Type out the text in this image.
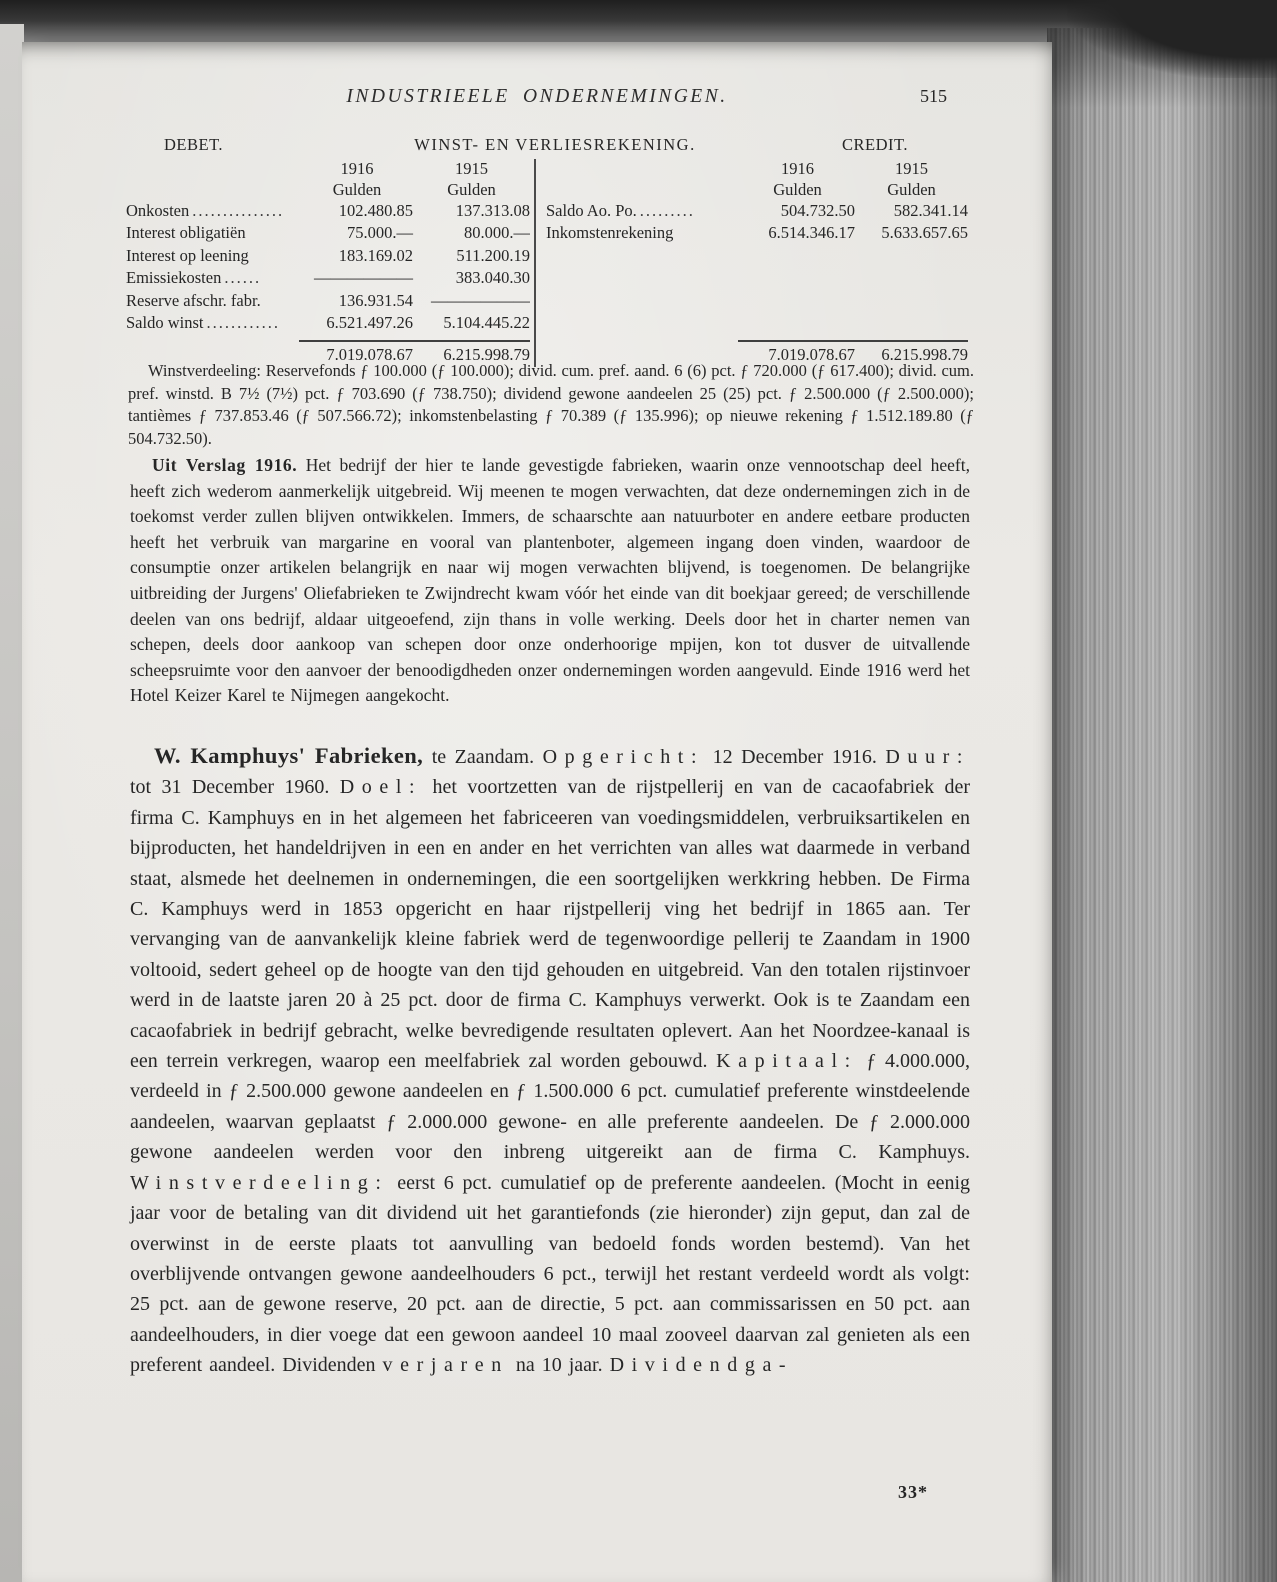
INDUSTRIEELE ONDERNEMINGEN.	515
DEBET.	WINST- EN VERLIESREKENING.	CREDIT.
1916	1915
Gulden	Gulden
Onkosten ...............	102.480.85	137.313.08
Interest obligatiën	75.000.—	80.000.—
Interest op leening	183.169.02	511.200.19
Emissiekosten ......	——————	383.040.30
Reserve afschr. fabr.	136.931.54	——————
Saldo winst ............	6.521.497.26	5.104.445.22
7.019.078.67	6.215.998.79
1916	1915
Gulden	Gulden
Saldo Ao. Po. .........	504.732.50	582.341.14
Inkomstenrekening	6.514.346.17	5.633.657.65
7.019.078.67	6.215.998.79

Winstverdeeling: Reservefonds ƒ 100.000 (ƒ 100.000); divid. cum. pref. aand. 6 (6) pct. ƒ 720.000 (ƒ 617.400); divid. cum. pref. winstd. B 7½ (7½) pct. ƒ 703.690 (ƒ 738.750); dividend gewone aandeelen 25 (25) pct. ƒ 2.500.000 (ƒ 2.500.000); tantièmes ƒ 737.853.46 (ƒ 507.566.72); inkomstenbelasting ƒ 70.389 (ƒ 135.996); op nieuwe rekening ƒ 1.512.189.80 (ƒ 504.732.50).

Uit Verslag 1916. Het bedrijf der hier te lande gevestigde fabrieken, waarin onze vennootschap deel heeft, heeft zich wederom aanmerkelijk uitgebreid. Wij meenen te mogen verwachten, dat deze ondernemingen zich in de toekomst verder zullen blijven ontwikkelen. Immers, de schaarschte aan natuurboter en andere eetbare producten heeft het verbruik van margarine en vooral van plantenboter, algemeen ingang doen vinden, waardoor de consumptie onzer artikelen belangrijk en naar wij mogen verwachten blijvend, is toegenomen. De belangrijke uitbreiding der Jurgens' Oliefabrieken te Zwijndrecht kwam vóór het einde van dit boekjaar gereed; de verschillende deelen van ons bedrijf, aldaar uitgeoefend, zijn thans in volle werking. Deels door het in charter nemen van schepen, deels door aankoop van schepen door onze onderhoorige mpijen, kon tot dusver de uitvallende scheepsruimte voor den aanvoer der benoodigdheden onzer ondernemingen worden aangevuld. Einde 1916 werd het Hotel Keizer Karel te Nijmegen aangekocht.

W. Kamphuys' Fabrieken, te Zaandam. Opgericht: 12 December 1916. Duur: tot 31 December 1960. Doel: het voortzetten van de rijstpellerij en van de cacaofabriek der firma C. Kamphuys en in het algemeen het fabriceeren van voedingsmiddelen, verbruiksartikelen en bijproducten, het handeldrijven in een en ander en het verrichten van alles wat daarmede in verband staat, alsmede het deelnemen in ondernemingen, die een soortgelijken werkkring hebben. De Firma C. Kamphuys werd in 1853 opgericht en haar rijstpellerij ving het bedrijf in 1865 aan. Ter vervanging van de aanvankelijk kleine fabriek werd de tegenwoordige pellerij te Zaandam in 1900 voltooid, sedert geheel op de hoogte van den tijd gehouden en uitgebreid. Van den totalen rijstinvoer werd in de laatste jaren 20 à 25 pct. door de firma C. Kamphuys verwerkt. Ook is te Zaandam een cacaofabriek in bedrijf gebracht, welke bevredigende resultaten oplevert. Aan het Noordzee-kanaal is een terrein verkregen, waarop een meelfabriek zal worden gebouwd. Kapitaal: ƒ 4.000.000, verdeeld in ƒ 2.500.000 gewone aandeelen en ƒ 1.500.000 6 pct. cumulatief preferente winstdeelende aandeelen, waarvan geplaatst ƒ 2.000.000 gewone- en alle preferente aandeelen. De ƒ 2.000.000 gewone aandeelen werden voor den inbreng uitgereikt aan de firma C. Kamphuys. Winstverdeeling: eerst 6 pct. cumulatief op de preferente aandeelen. (Mocht in eenig jaar voor de betaling van dit dividend uit het garantiefonds (zie hieronder) zijn geput, dan zal de overwinst in de eerste plaats tot aanvulling van bedoeld fonds worden bestemd). Van het overblijvende ontvangen gewone aandeelhouders 6 pct., terwijl het restant verdeeld wordt als volgt: 25 pct. aan de gewone reserve, 20 pct. aan de directie, 5 pct. aan commissarissen en 50 pct. aan aandeelhouders, in dier voege dat een gewoon aandeel 10 maal zooveel daarvan zal genieten als een preferent aandeel. Dividenden verjaren na 10 jaar. Dividendga-

33*
